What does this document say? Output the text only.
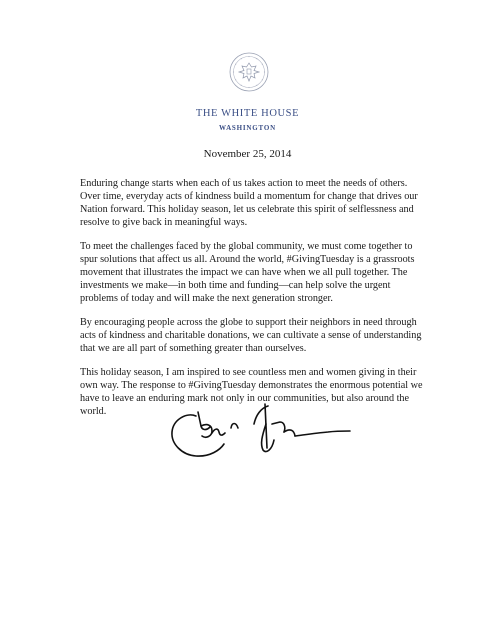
THE WHITE HOUSE
WASHINGTON
November 25, 2014

Enduring change starts when each of us takes action to meet the needs of others. Over time, everyday acts of kindness build a momentum for change that drives our Nation forward. This holiday season, let us celebrate this spirit of selflessness and resolve to give back in meaningful ways.

To meet the challenges faced by the global community, we must come together to spur solutions that affect us all. Around the world, #GivingTuesday is a grassroots movement that illustrates the impact we can have when we all pull together. The investments we make—in both time and funding—can help solve the urgent problems of today and will make the next generation stronger.

By encouraging people across the globe to support their neighbors in need through acts of kindness and charitable donations, we can cultivate a sense of understanding that we are all part of something greater than ourselves.

This holiday season, I am inspired to see countless men and women giving in their own way. The response to #GivingTuesday demonstrates the enormous potential we have to leave an enduring mark not only in our communities, but also around the world.
